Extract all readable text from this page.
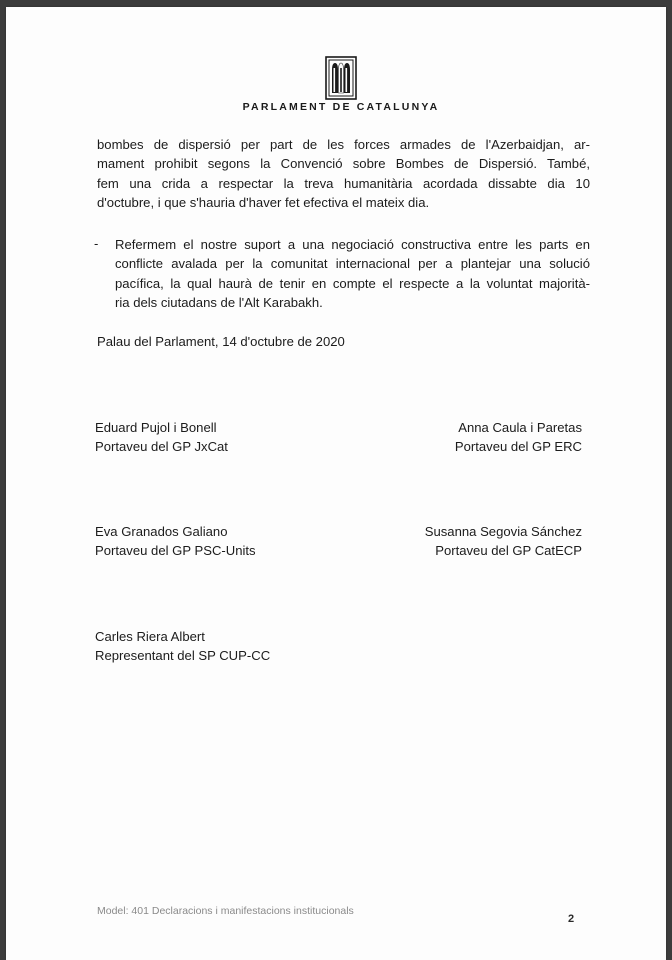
PARLAMENT DE CATALUNYA

bombes de dispersió per part de les forces armades de l'Azerbaidjan, ar-
mament prohibit segons la Convenció sobre Bombes de Dispersió. També,
fem una crida a respectar la treva humanitària acordada dissabte dia 10
d'octubre, i que s'hauria d'haver fet efectiva el mateix dia.

- Refermem el nostre suport a una negociació constructiva entre les parts en
conflicte avalada per la comunitat internacional per a plantejar una solució
pacífica, la qual haurà de tenir en compte el respecte a la voluntat majorità-
ria dels ciutadans de l'Alt Karabakh.

Palau del Parlament, 14 d'octubre de 2020
Eduard Pujol i Bonell
Portaveu del GP JxCat
Anna Caula i Paretas
Portaveu del GP ERC
Eva Granados Galiano
Portaveu del GP PSC-Units
Susanna Segovia Sánchez
Portaveu del GP CatECP
Carles Riera Albert
Representant del SP CUP-CC
Model: 401 Declaracions i manifestacions institucionals
2
